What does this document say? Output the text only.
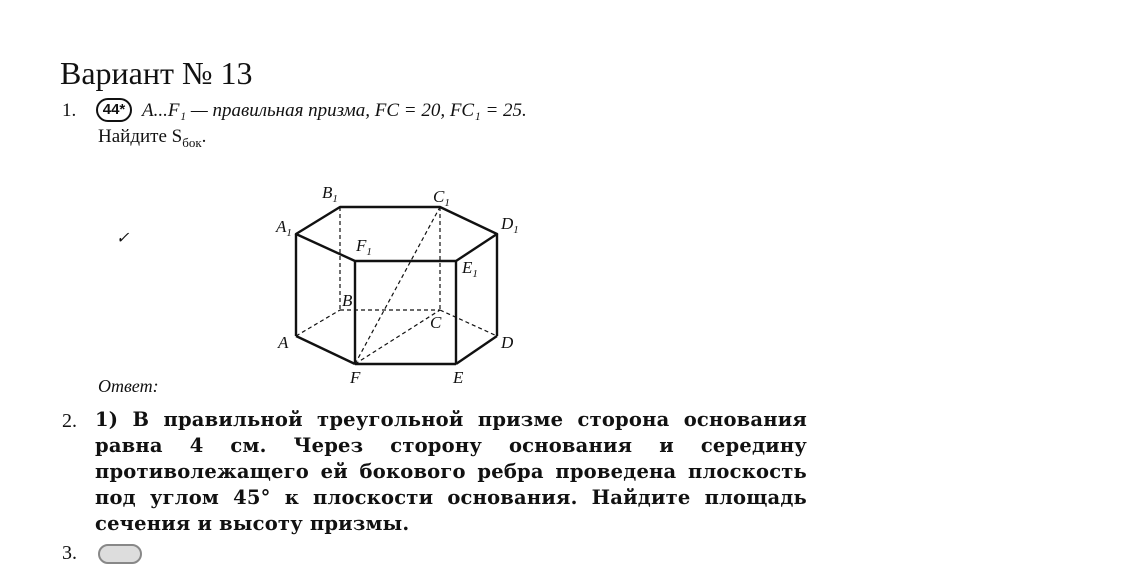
Вариант № 13
1.	44* A...F₁ — правильная призма, FC = 20, FC₁ = 25.
Найдите $S_{бок}$.
✓
$A_1$
$B_1$	$C_1$
$D_1$
$E_1$
$F_1$
A
B
C
D
E
F
Ответ:
2. 1) В правильной треугольной призме сторона основания равна 4 см. Через сторону основания и середину противолежащего ей бокового ребра проведена плоскость под углом 45° к плоскости основания. Найдите площадь сечения и высоту призмы.
3.
